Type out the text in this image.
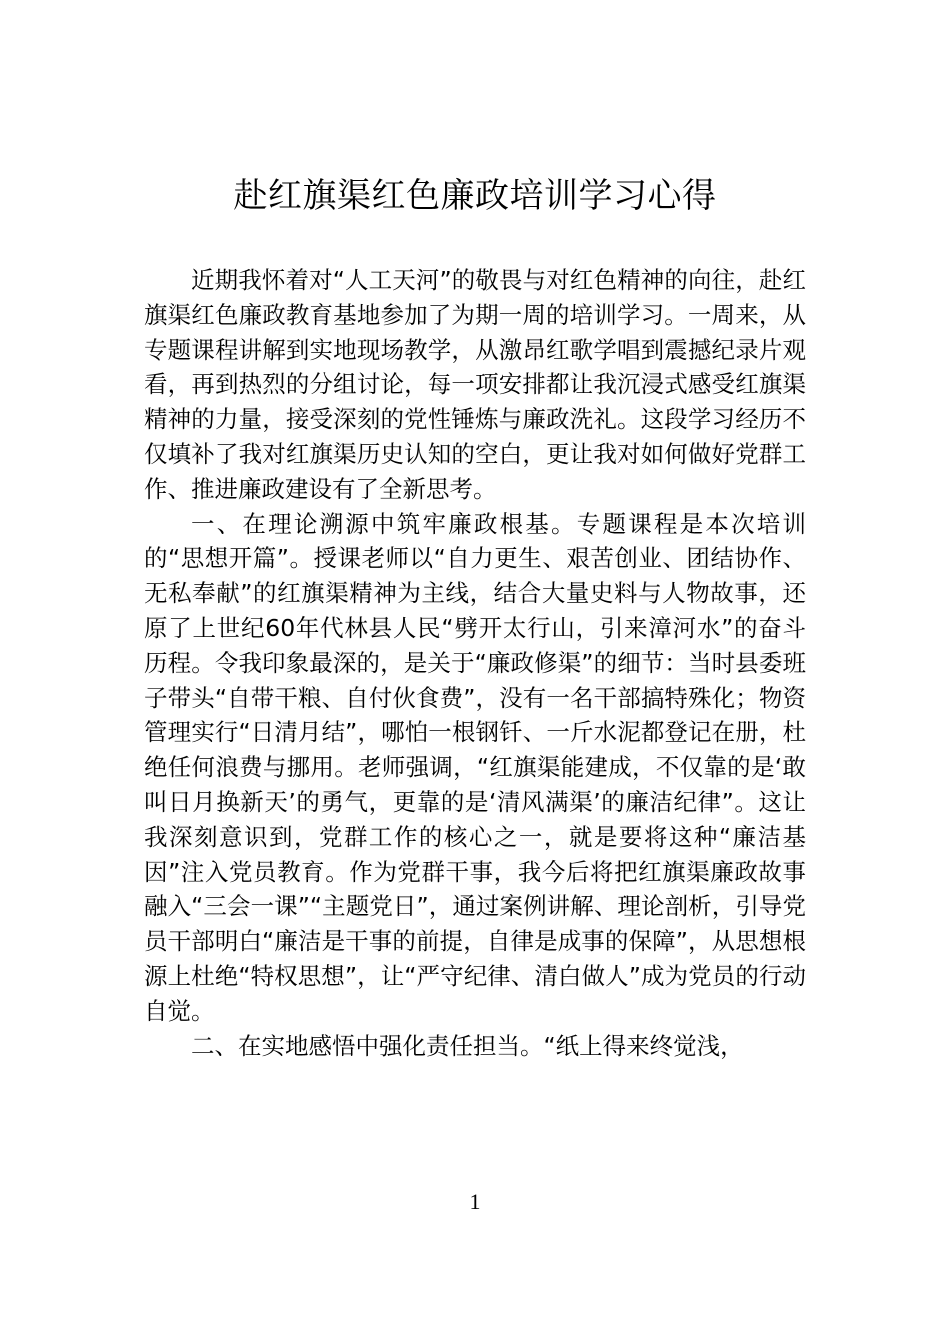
赴红旗渠红色廉政培训学习心得

近期我怀着对“人工天河”的敬畏与对红色精神的向往，赴红旗渠红色廉政教育基地参加了为期一周的培训学习。一周来，从专题课程讲解到实地现场教学，从激昂红歌学唱到震撼纪录片观看，再到热烈的分组讨论，每一项安排都让我沉浸式感受红旗渠精神的力量，接受深刻的党性锤炼与廉政洗礼。这段学习经历不仅填补了我对红旗渠历史认知的空白，更让我对如何做好党群工作、推进廉政建设有了全新思考。

一、在理论溯源中筑牢廉政根基。专题课程是本次培训的“思想开篇”。授课老师以“自力更生、艰苦创业、团结协作、无私奉献”的红旗渠精神为主线，结合大量史料与人物故事，还原了上世纪60年代林县人民“劈开太行山，引来漳河水”的奋斗历程。令我印象最深的，是关于“廉政修渠”的细节：当时县委班子带头“自带干粮、自付伙食费”，没有一名干部搞特殊化；物资管理实行“日清月结”，哪怕一根钢钎、一斤水泥都登记在册，杜绝任何浪费与挪用。老师强调，“红旗渠能建成，不仅靠的是‘敢叫日月换新天’的勇气，更靠的是‘清风满渠’的廉洁纪律”。这让我深刻意识到，党群工作的核心之一，就是要将这种“廉洁基因”注入党员教育。作为党群干事，我今后将把红旗渠廉政故事融入“三会一课”“主题党日”，通过案例讲解、理论剖析，引导党员干部明白“廉洁是干事的前提，自律是成事的保障”，从思想根源上杜绝“特权思想”，让“严守纪律、清白做人”成为党员的行动自觉。

二、在实地感悟中强化责任担当。“纸上得来终觉浅，

1
